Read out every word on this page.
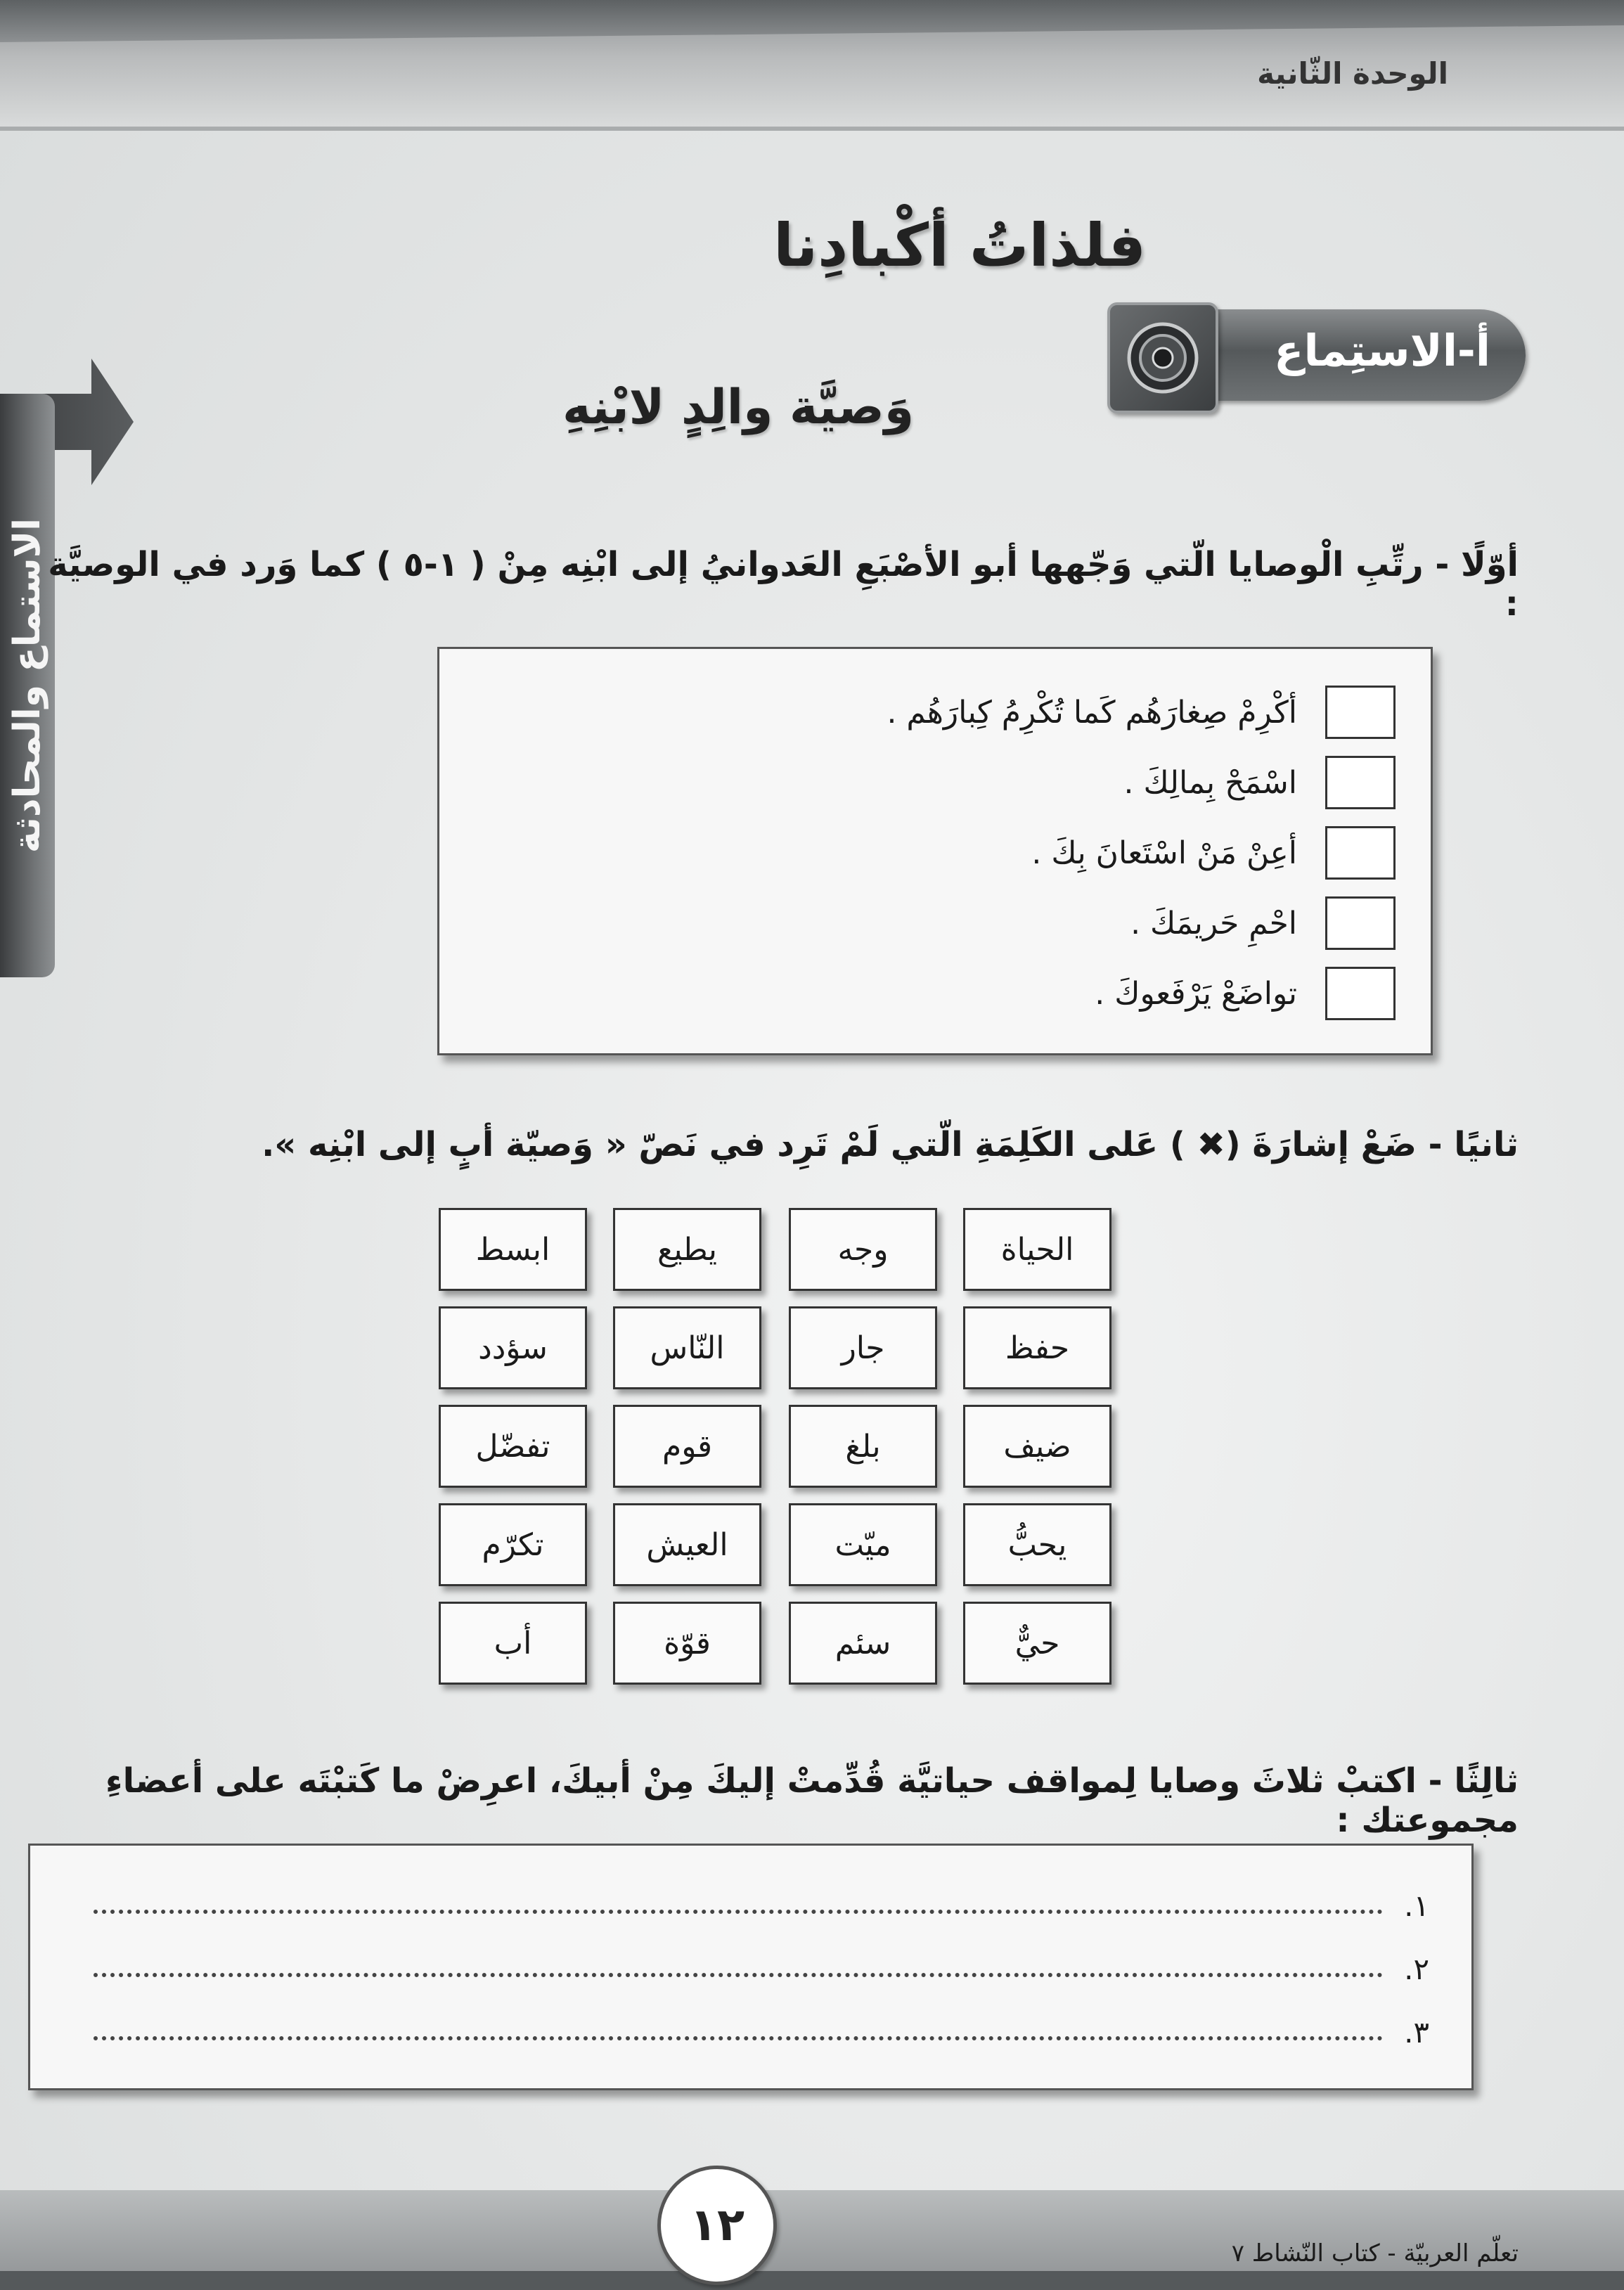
الوحدة الثّانية
الاستماع والمحادثة
فلذاتُ أكْبادِنا
أ-الاستِماع
وَصيَّة والِدٍ لابْنِهِ
أوّلًا - رتِّبِ الْوصايا الّتي وَجّهها أبو الأصْبَعِ العَدوانيُ إلى ابْنِه مِنْ ( ١-٥ ) كما وَرد في الوصيَّة :
أكْرِمْ صِغارَهُم كَما تُكْرِمُ كِبارَهُم .
اسْمَحْ بِمالِكَ .
أعِنْ مَنْ اسْتَعانَ بِكَ .
احْمِ حَريمَكَ .
تواضَعْ يَرْفَعوكَ .
ثانيًا - ضَعْ إشارَةَ (✖ ) عَلى الكَلِمَةِ الّتي لَمْ تَرِد في نَصّ « وَصيّة أبٍ إلى ابْنِه ».
الحياة
وجه
يطيع
ابسط
حفظ
جار
النّاس
سؤدد
ضيف
بلغ
قوم
تفضّل
يحبُّ
ميّت
العيش
تكرّم
حيٌّ
سئم
قوّة
أب
ثالِثًا - اكتبْ ثلاثَ وصايا لِمواقف حياتيَّة قُدِّمتْ إليكَ مِنْ أبيكَ، اعرِضْ ما كَتبْتَه على أعضاءِ مجموعتك :
١.
٢.
٣.
١٢
تعلّم العربيّة - كتاب النّشاط ٧
